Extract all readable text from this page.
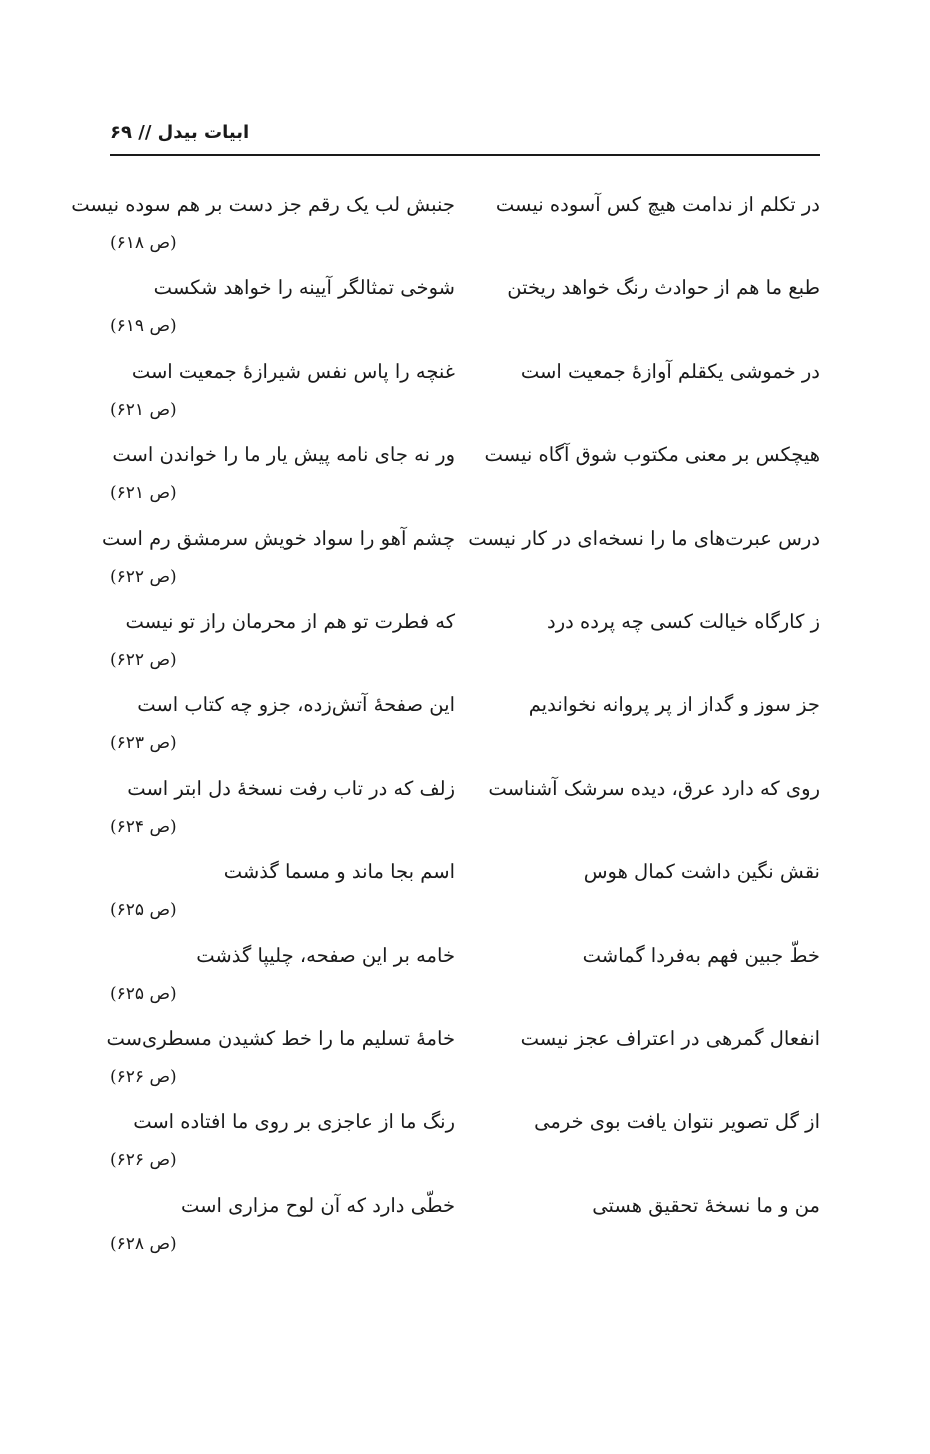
ابیات بیدل // ۶۹
در تکلم از ندامت هیچ کس آسوده نیست
جنبش لب یک رقم جز دست بر هم سوده نیست
(ص ۶۱۸)
طبع ما هم از حوادث رنگ خواهد ریختن
شوخی تمثالگر آیینه را خواهد شکست
(ص ۶۱۹)
در خموشی یکقلم آوازهٔ جمعیت است
غنچه را پاس نفس شیرازهٔ جمعیت است
(ص ۶۲۱)
هیچکس بر معنی مکتوب شوق آگاه نیست
ور نه جای نامه پیش یار ما را خواندن است
(ص ۶۲۱)
درس عبرت‌های ما را نسخه‌ای در کار نیست
چشم آهو را سواد خویش سرمشق رم است
(ص ۶۲۲)
ز کارگاه خیالت کسی چه پرده درد
که فطرت تو هم از محرمان راز تو نیست
(ص ۶۲۲)
جز سوز و گداز از پر پروانه نخواندیم
این صفحهٔ آتش‌زده، جزو چه کتاب است
(ص ۶۲۳)
روی که دارد عرق، دیده سرشک آشناست
زلف که در تاب رفت نسخهٔ دل ابتر است
(ص ۶۲۴)
نقش نگین داشت کمال هوس
اسم بجا ماند و مسما گذشت
(ص ۶۲۵)
خطّ جبین فهم به‌فردا گماشت
خامه بر این صفحه، چلیپا گذشت
(ص ۶۲۵)
انفعال گمرهی در اعتراف عجز نیست
خامهٔ تسلیم ما را خط کشیدن مسطری‌ست
(ص ۶۲۶)
از گل تصویر نتوان یافت بوی خرمی
رنگ ما از عاجزی بر روی ما افتاده است
(ص ۶۲۶)
من و ما نسخهٔ تحقیق هستی
خطّی دارد که آن لوح مزاری است
(ص ۶۲۸)
